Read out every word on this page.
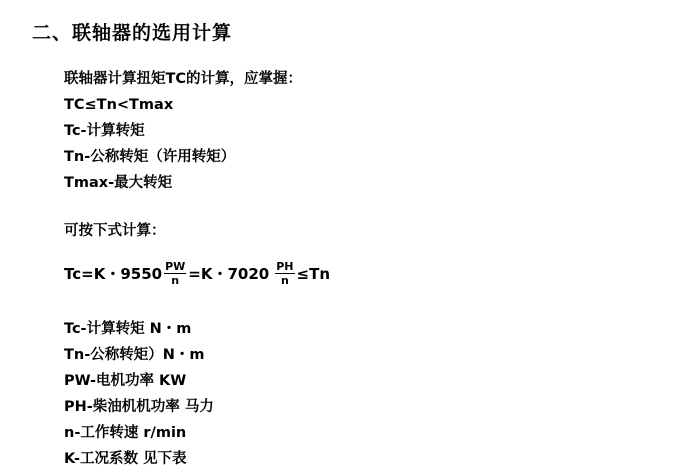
二、联轴器的选用计算
联轴器计算扭矩TC的计算，应掌握：
TC≤Tn<Tmax
Tc-计算转矩
Tn-公称转矩（许用转矩）
Tmax-最大转矩
可按下式计算：
Tc=K・$9550 \frac{PW}{n} =K$・$7020 \frac{PH}{n} \le Tn$
Tc-计算转矩 N・m
Tn-公称转矩）N・m
PW-电机功率 KW
PH-柴油机机功率 马力
n-工作转速 r/min
K-工况系数 见下表
